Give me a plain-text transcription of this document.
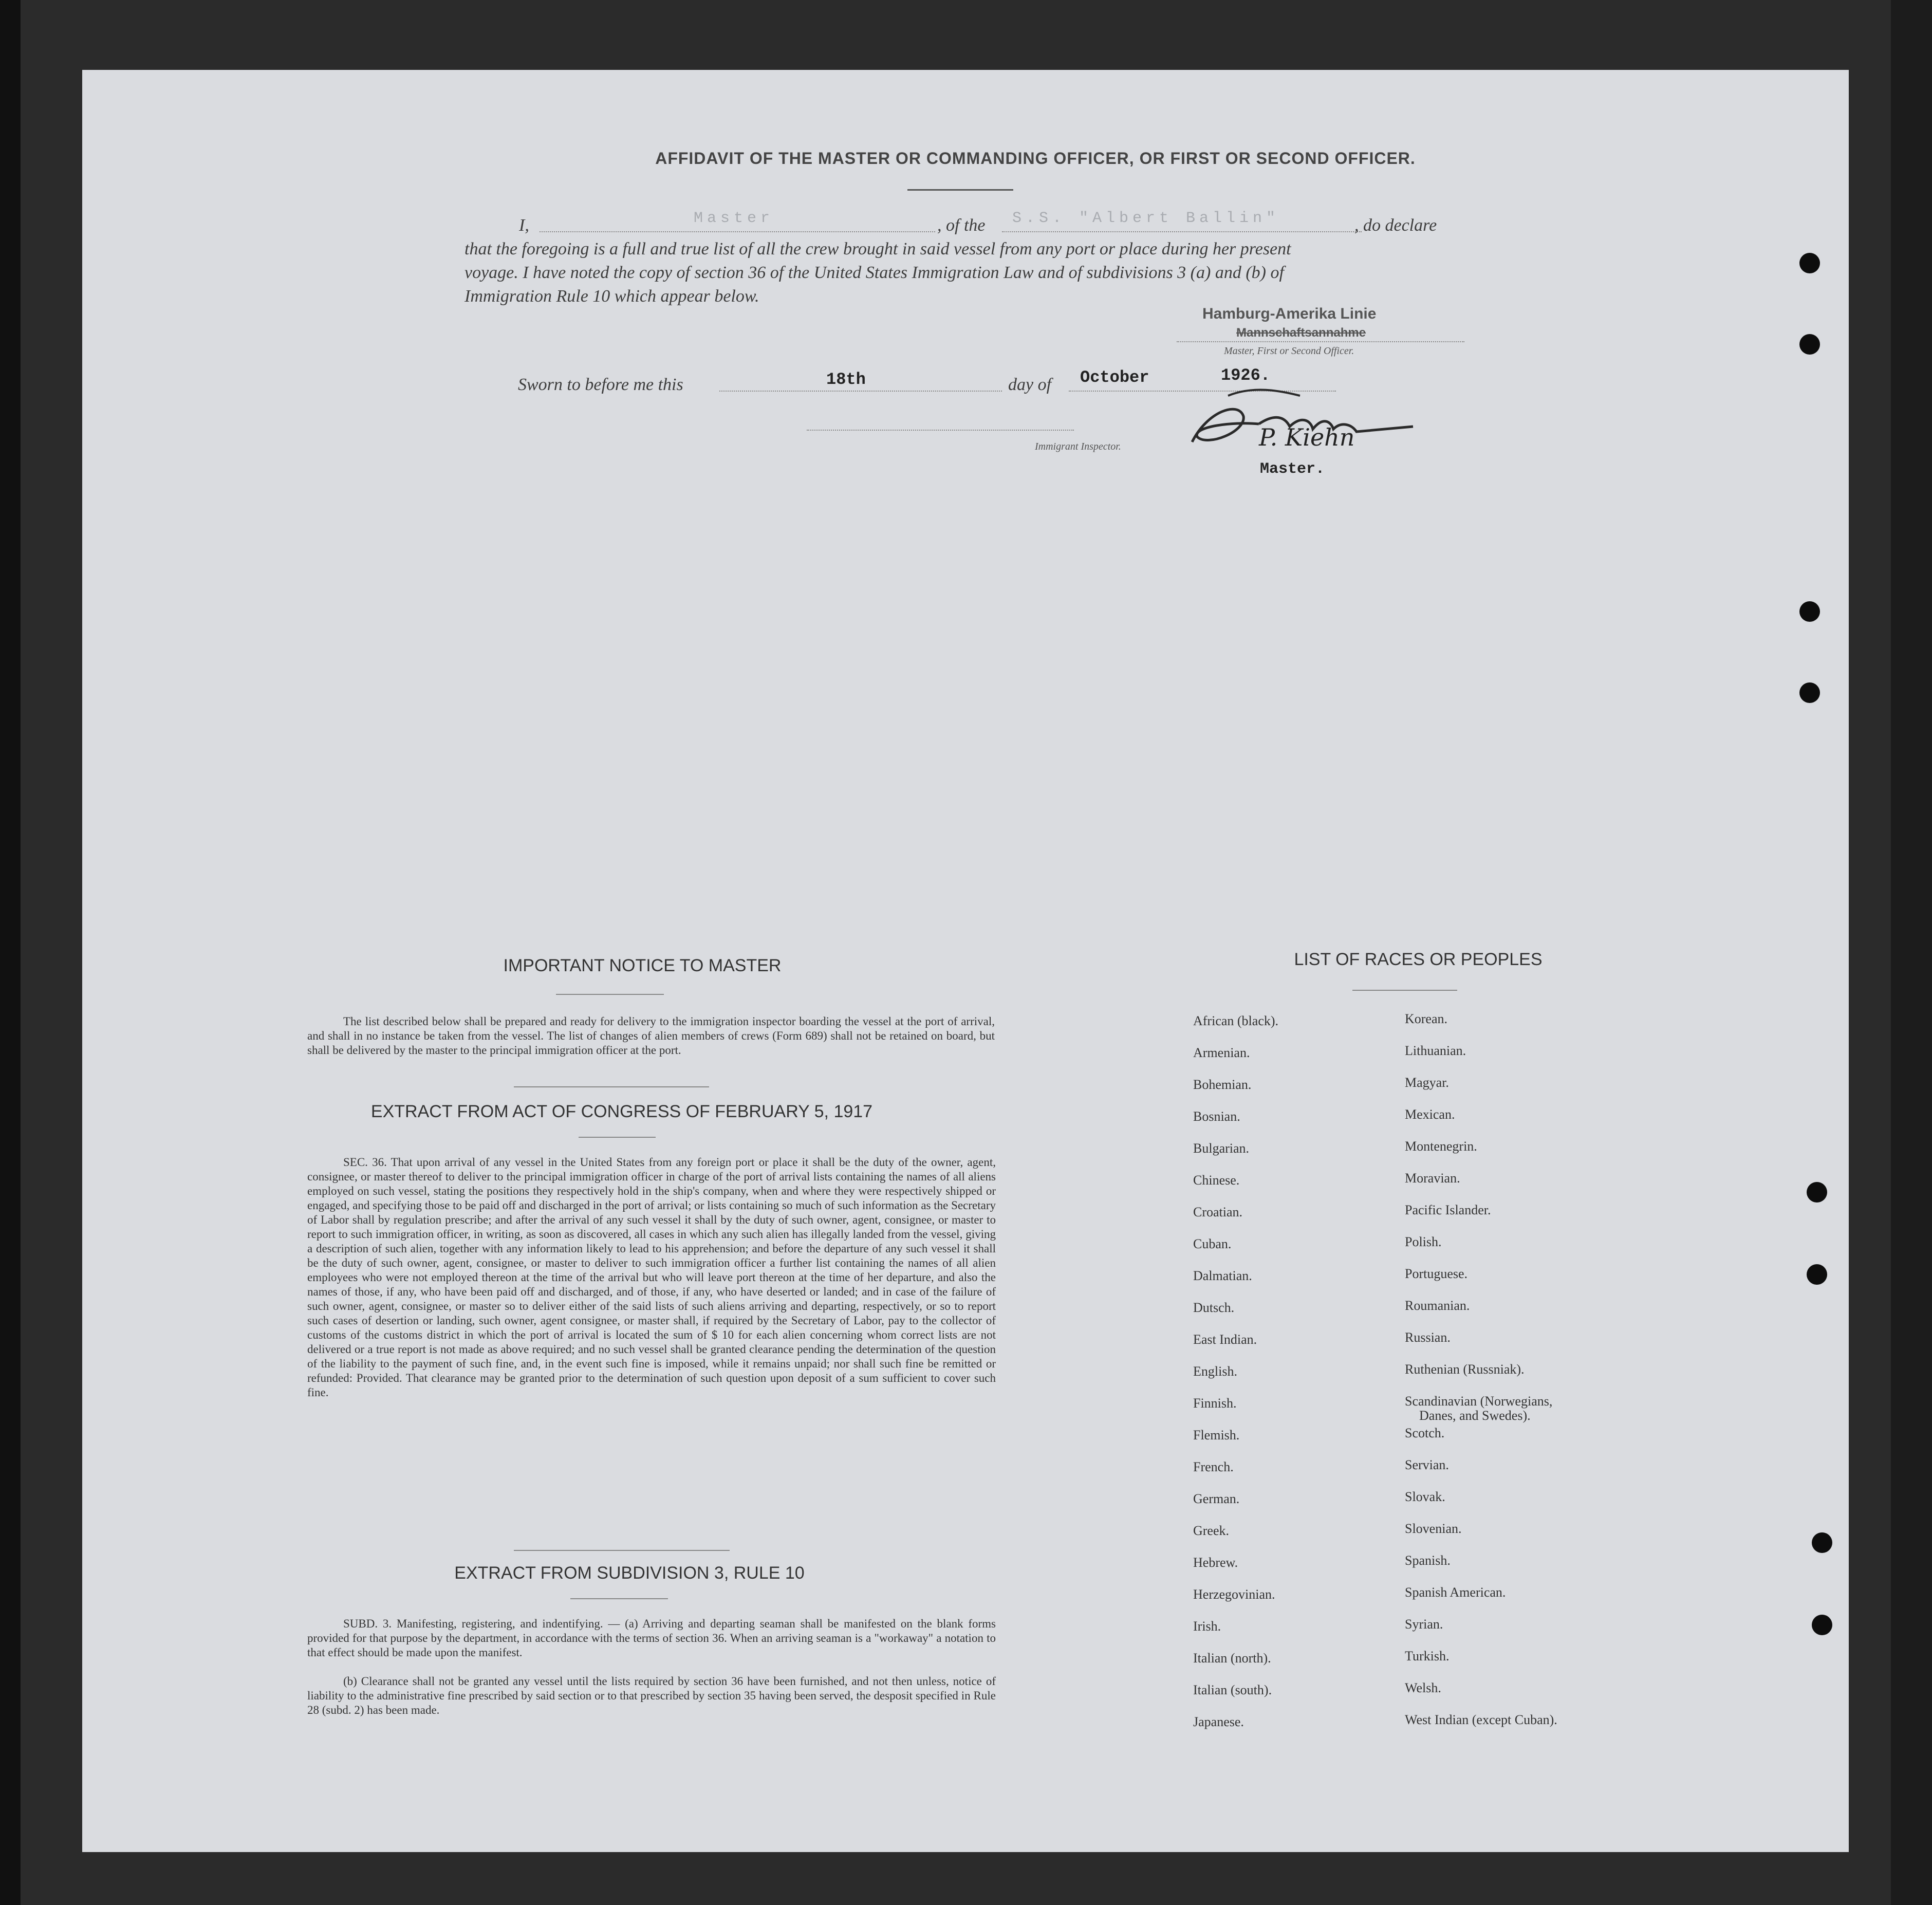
AFFIDAVIT OF THE MASTER OR COMMANDING OFFICER, OR FIRST OR SECOND OFFICER.
I,	Master	, of the S.S. "Albert Ballin"	, do declare
that the foregoing is a full and true list of all the crew brought in said vessel from any port or place during her present
voyage. I have noted the copy of section 36 of the United States Immigration Law and of subdivisions 3 (a) and (b) of
Immigration Rule 10 which appear below.
Hamburg-Amerika Linie
Mannschaftsannahme
Master, First or Second Officer.
Sworn to before me this	18th	day of October	1926.
Immigrant Inspector.	P. Kiehn
Master.
IMPORTANT NOTICE TO MASTER
The list described below shall be prepared and ready for delivery to the immigration inspector boarding the vessel at the port of arrival, and shall in no instance be taken from the vessel. The list of changes of alien members of crews (Form 689) shall not be retained on board, but shall be delivered by the master to the principal immigration officer at the port.
EXTRACT FROM ACT OF CONGRESS OF FEBRUARY 5, 1917
SEC. 36. That upon arrival of any vessel in the United States from any foreign port or place it shall be the duty of the owner, agent, consignee, or master thereof to deliver to the principal immigration officer in charge of the port of arrival lists containing the names of all aliens employed on such vessel, stating the positions they respectively hold in the ship's company, when and where they were respectively shipped or engaged, and specifying those to be paid off and discharged in the port of arrival; or lists containing so much of such information as the Secretary of Labor shall by regulation prescribe; and after the arrival of any such vessel it shall by the duty of such owner, agent, consignee, or master to report to such immigration officer, in writing, as soon as discovered, all cases in which any such alien has illegally landed from the vessel, giving a description of such alien, together with any information likely to lead to his apprehension; and before the departure of any such vessel it shall be the duty of such owner, agent, consignee, or master to deliver to such immigration officer a further list containing the names of all alien employees who were not employed thereon at the time of the arrival but who will leave port thereon at the time of her departure, and also the names of those, if any, who have been paid off and discharged, and of those, if any, who have deserted or landed; and in case of the failure of such owner, agent, consignee, or master so to deliver either of the said lists of such aliens arriving and departing, respectively, or so to report such cases of desertion or landing, such owner, agent consignee, or master shall, if required by the Secretary of Labor, pay to the collector of customs of the customs district in which the port of arrival is located the sum of $ 10 for each alien concerning whom correct lists are not delivered or a true report is not made as above required; and no such vessel shall be granted clearance pending the determination of the question of the liability to the payment of such fine, and, in the event such fine is imposed, while it remains unpaid; nor shall such fine be remitted or refunded: Provided. That clearance may be granted prior to the determination of such question upon deposit of a sum sufficient to cover such fine.
EXTRACT FROM SUBDIVISION 3, RULE 10
SUBD. 3. Manifesting, registering, and indentifying. — (a) Arriving and departing seaman shall be manifested on the blank forms provided for that purpose by the department, in accordance with the terms of section 36. When an arriving seaman is a "workaway" a notation to that effect should be made upon the manifest.
(b) Clearance shall not be granted any vessel until the lists required by section 36 have been furnished, and not then unless, notice of liability to the administrative fine prescribed by said section or to that prescribed by section 35 having been served, the desposit specified in Rule 28 (subd. 2) has been made.
LIST OF RACES OR PEOPLES
African (black).
Armenian.
Bohemian.
Bosnian.
Bulgarian.
Chinese.
Croatian.
Cuban.
Dalmatian.
Dutsch.
East Indian.
English.
Finnish.
Flemish.
French.
German.
Greek.
Hebrew.
Herzegovinian.
Irish.
Italian (north).
Italian (south).
Japanese.
Korean.
Lithuanian.
Magyar.
Mexican.
Montenegrin.
Moravian.
Pacific Islander.
Polish.
Portuguese.
Roumanian.
Russian.
Ruthenian (Russniak).
Scandinavian (Norwegians,
Scotch.
Servian.
Slovak.
Slovenian.
Spanish.
Spanish American.
Syrian.
Turkish.
Welsh.
West Indian (except Cuban).
Danes, and Swedes).
